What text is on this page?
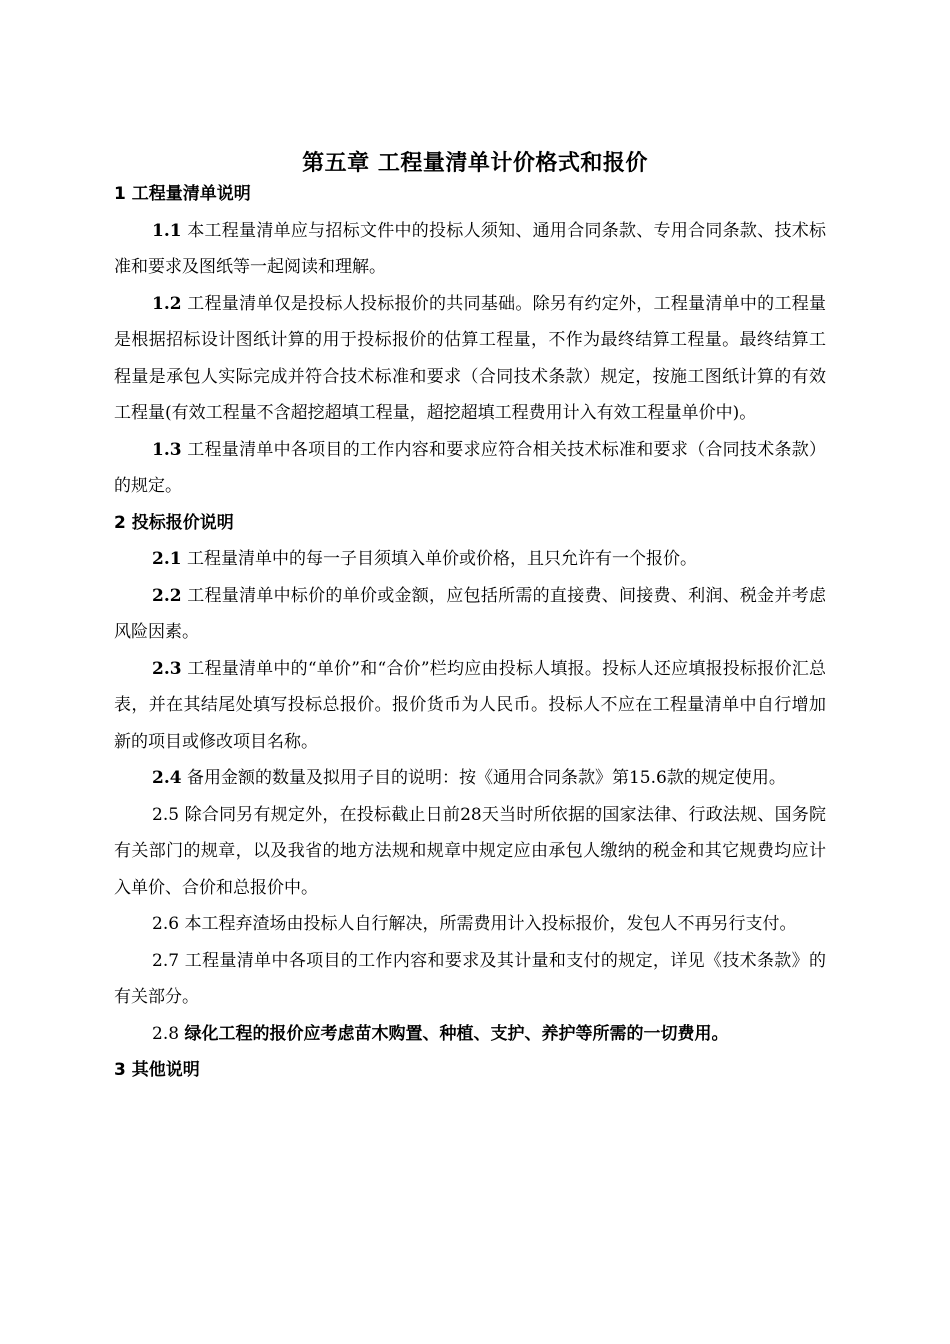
第五章 工程量清单计价格式和报价

1 工程量清单说明

1.1 本工程量清单应与招标文件中的投标人须知、通用合同条款、专用合同条款、技术标准和要求及图纸等一起阅读和理解。

1.2 工程量清单仅是投标人投标报价的共同基础。除另有约定外，工程量清单中的工程量是根据招标设计图纸计算的用于投标报价的估算工程量，不作为最终结算工程量。最终结算工程量是承包人实际完成并符合技术标准和要求（合同技术条款）规定，按施工图纸计算的有效工程量(有效工程量不含超挖超填工程量，超挖超填工程费用计入有效工程量单价中)。

1.3 工程量清单中各项目的工作内容和要求应符合相关技术标准和要求（合同技术条款）的规定。

2 投标报价说明

2.1 工程量清单中的每一子目须填入单价或价格，且只允许有一个报价。

2.2 工程量清单中标价的单价或金额，应包括所需的直接费、间接费、利润、税金并考虑风险因素。

2.3 工程量清单中的“单价”和“合价”栏均应由投标人填报。投标人还应填报投标报价汇总表，并在其结尾处填写投标总报价。报价货币为人民币。投标人不应在工程量清单中自行增加新的项目或修改项目名称。

2.4 备用金额的数量及拟用子目的说明：按《通用合同条款》第15.6款的规定使用。

2.5 除合同另有规定外，在投标截止日前28天当时所依据的国家法律、行政法规、国务院有关部门的规章，以及我省的地方法规和规章中规定应由承包人缴纳的税金和其它规费均应计入单价、合价和总报价中。

2.6 本工程弃渣场由投标人自行解决，所需费用计入投标报价，发包人不再另行支付。

2.7 工程量清单中各项目的工作内容和要求及其计量和支付的规定，详见《技术条款》的有关部分。

2.8 绿化工程的报价应考虑苗木购置、种植、支护、养护等所需的一切费用。

3 其他说明
